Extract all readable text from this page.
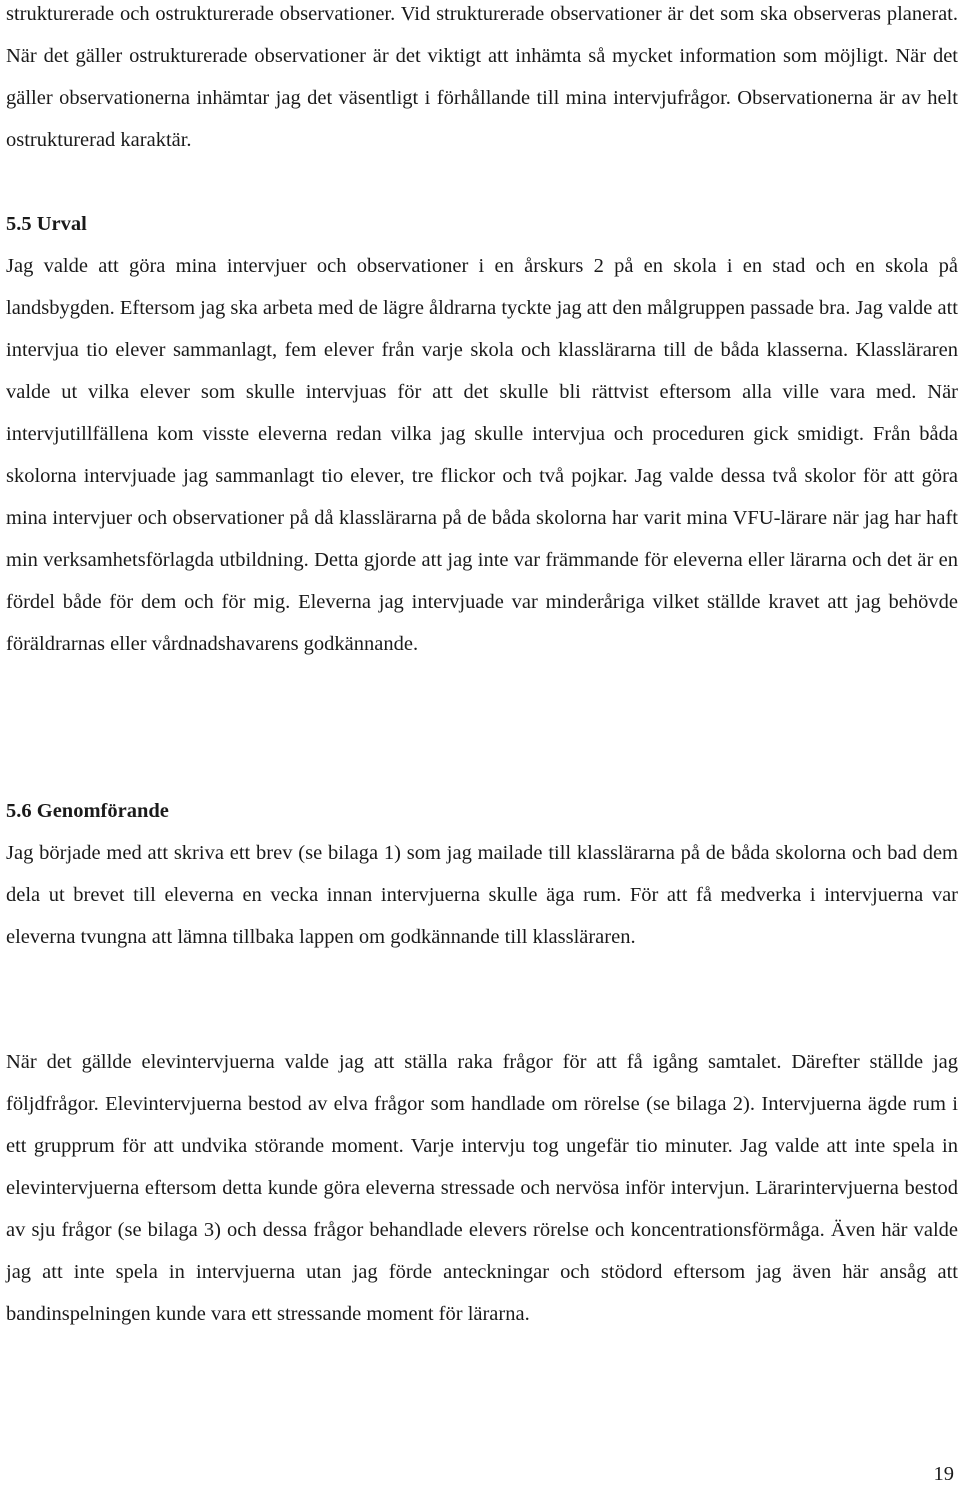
strukturerade och ostrukturerade observationer. Vid strukturerade observationer är det som ska observeras planerat. När det gäller ostrukturerade observationer är det viktigt att inhämta så mycket information som möjligt. När det gäller observationerna inhämtar jag det väsentligt i förhållande till mina intervjufrågor. Observationerna är av helt ostrukturerad karaktär.

5.5 Urval

Jag valde att göra mina intervjuer och observationer i en årskurs 2 på en skola i en stad och en skola på landsbygden. Eftersom jag ska arbeta med de lägre åldrarna tyckte jag att den målgruppen passade bra. Jag valde att intervjua tio elever sammanlagt, fem elever från varje skola och klasslärarna till de båda klasserna. Klassläraren valde ut vilka elever som skulle intervjuas för att det skulle bli rättvist eftersom alla ville vara med. När intervjutillfällena kom visste eleverna redan vilka jag skulle intervjua och proceduren gick smidigt. Från båda skolorna intervjuade jag sammanlagt tio elever, tre flickor och två pojkar. Jag valde dessa två skolor för att göra mina intervjuer och observationer på då klasslärarna på de båda skolorna har varit mina VFU-lärare när jag har haft min verksamhetsförlagda utbildning. Detta gjorde att jag inte var främmande för eleverna eller lärarna och det är en fördel både för dem och för mig. Eleverna jag intervjuade var minderåriga vilket ställde kravet att jag behövde föräldrarnas eller vårdnadshavarens godkännande.

5.6 Genomförande

Jag började med att skriva ett brev (se bilaga 1) som jag mailade till klasslärarna på de båda skolorna och bad dem dela ut brevet till eleverna en vecka innan intervjuerna skulle äga rum. För att få medverka i intervjuerna var eleverna tvungna att lämna tillbaka lappen om godkännande till klassläraren.

När det gällde elevintervjuerna valde jag att ställa raka frågor för att få igång samtalet. Därefter ställde jag följdfrågor. Elevintervjuerna bestod av elva frågor som handlade om rörelse (se bilaga 2). Intervjuerna ägde rum i ett grupprum för att undvika störande moment. Varje intervju tog ungefär tio minuter. Jag valde att inte spela in elevintervjuerna eftersom detta kunde göra eleverna stressade och nervösa inför intervjun. Lärarintervjuerna bestod av sju frågor (se bilaga 3) och dessa frågor behandlade elevers rörelse och koncentrationsförmåga. Även här valde jag att inte spela in intervjuerna utan jag förde anteckningar och stödord eftersom jag även här ansåg att bandinspelningen kunde vara ett stressande moment för lärarna.

19
